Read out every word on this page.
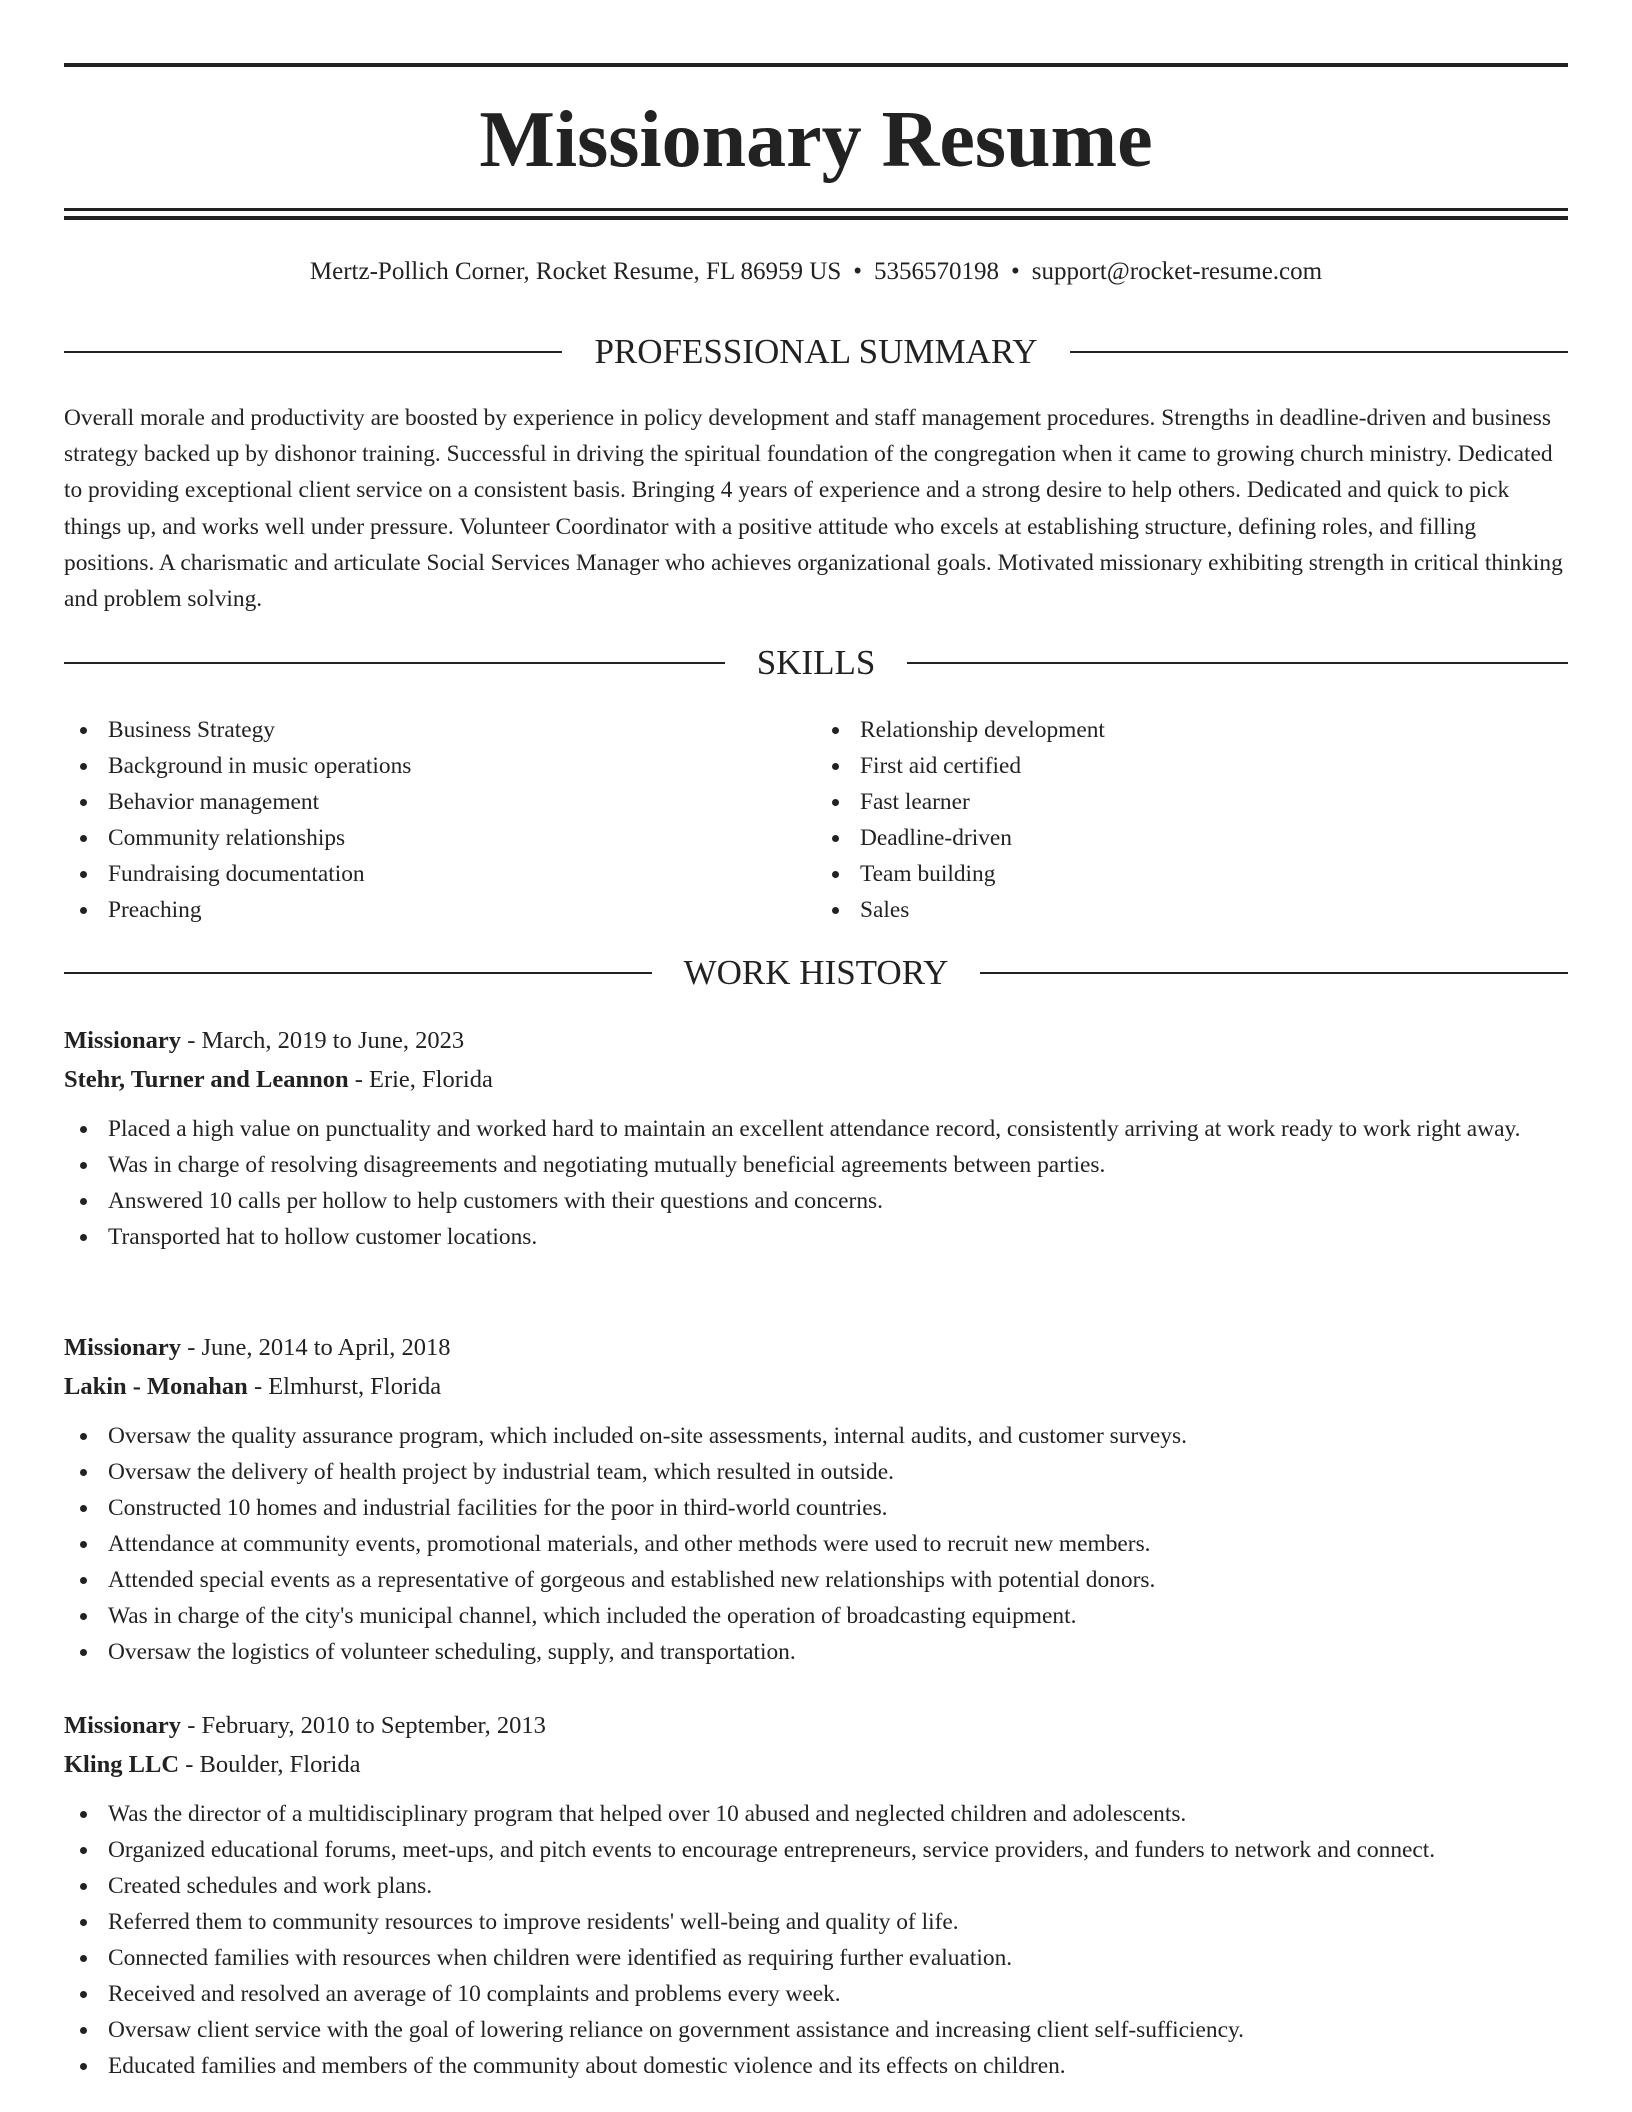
Missionary Resume
Mertz-Pollich Corner, Rocket Resume, FL 86959 US • 5356570198 • support@rocket-resume.com
PROFESSIONAL SUMMARY

Overall morale and productivity are boosted by experience in policy development and staff management procedures. Strengths in deadline-driven and business strategy backed up by dishonor training. Successful in driving the spiritual foundation of the congregation when it came to growing church ministry. Dedicated to providing exceptional client service on a consistent basis. Bringing 4 years of experience and a strong desire to help others. Dedicated and quick to pick things up, and works well under pressure. Volunteer Coordinator with a positive attitude who excels at establishing structure, defining roles, and filling positions. A charismatic and articulate Social Services Manager who achieves organizational goals. Motivated missionary exhibiting strength in critical thinking and problem solving.

SKILLS
Business Strategy
Background in music operations
Behavior management
Community relationships
Fundraising documentation
Preaching
Relationship development
First aid certified
Fast learner
Deadline-driven
Team building
Sales
WORK HISTORY
Missionary - March, 2019 to June, 2023
Stehr, Turner and Leannon - Erie, Florida
Placed a high value on punctuality and worked hard to maintain an excellent attendance record, consistently arriving at work ready to work right away.
Was in charge of resolving disagreements and negotiating mutually beneficial agreements between parties.
Answered 10 calls per hollow to help customers with their questions and concerns.
Transported hat to hollow customer locations.
Missionary - June, 2014 to April, 2018
Lakin - Monahan - Elmhurst, Florida
Oversaw the quality assurance program, which included on-site assessments, internal audits, and customer surveys.
Oversaw the delivery of health project by industrial team, which resulted in outside.
Constructed 10 homes and industrial facilities for the poor in third-world countries.
Attendance at community events, promotional materials, and other methods were used to recruit new members.
Attended special events as a representative of gorgeous and established new relationships with potential donors.
Was in charge of the city's municipal channel, which included the operation of broadcasting equipment.
Oversaw the logistics of volunteer scheduling, supply, and transportation.
Missionary - February, 2010 to September, 2013
Kling LLC - Boulder, Florida
Was the director of a multidisciplinary program that helped over 10 abused and neglected children and adolescents.
Organized educational forums, meet-ups, and pitch events to encourage entrepreneurs, service providers, and funders to network and connect.
Created schedules and work plans.
Referred them to community resources to improve residents' well-being and quality of life.
Connected families with resources when children were identified as requiring further evaluation.
Received and resolved an average of 10 complaints and problems every week.
Oversaw client service with the goal of lowering reliance on government assistance and increasing client self-sufficiency.
Educated families and members of the community about domestic violence and its effects on children.
